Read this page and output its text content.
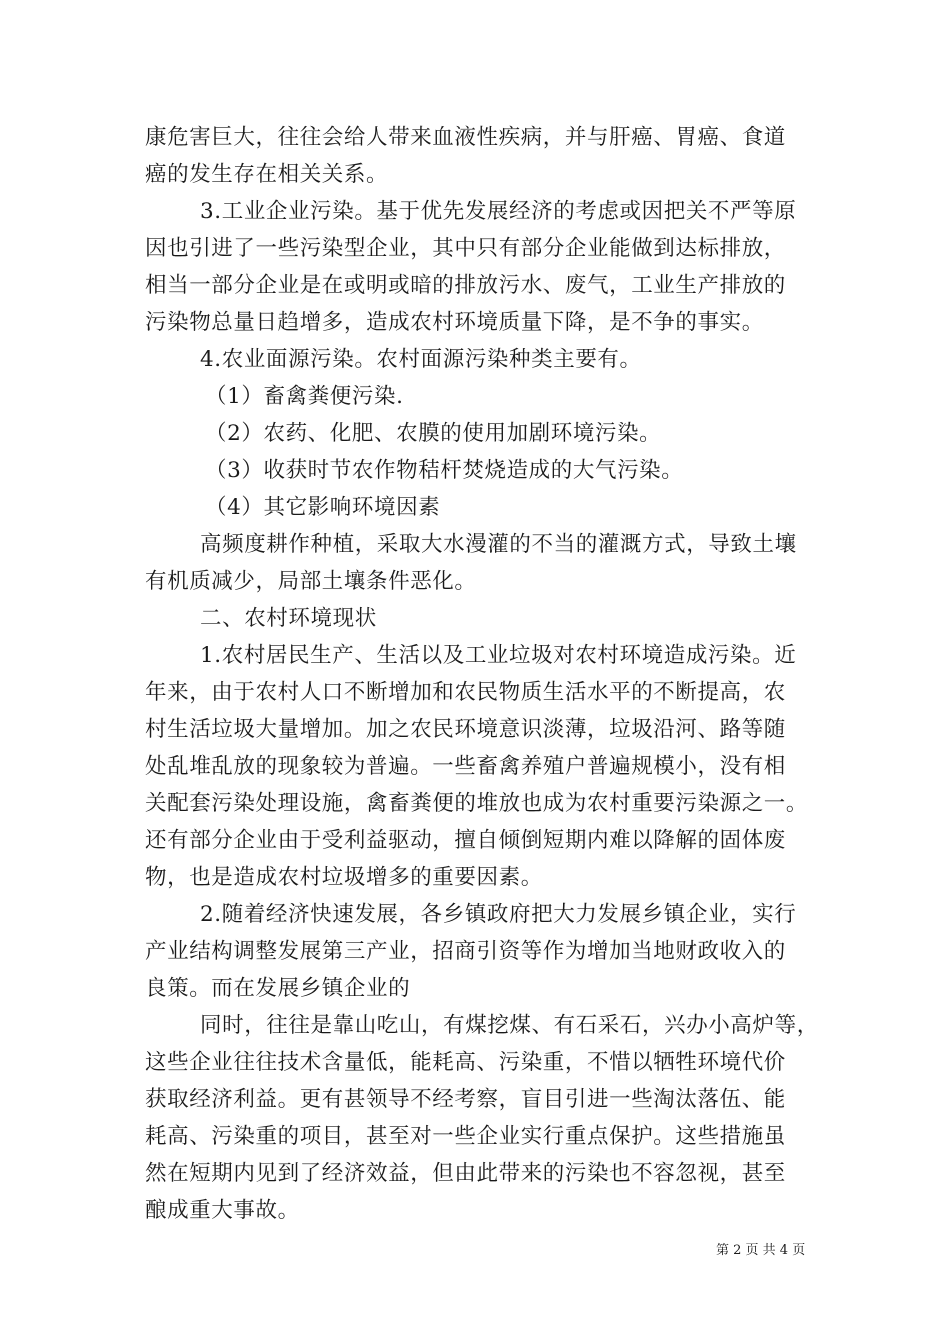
康危害巨大，往往会给人带来血液性疾病，并与肝癌、胃癌、食道
癌的发生存在相关关系。
3.工业企业污染。基于优先发展经济的考虑或因把关不严等原
因也引进了一些污染型企业，其中只有部分企业能做到达标排放，
相当一部分企业是在或明或暗的排放污水、废气，工业生产排放的
污染物总量日趋增多，造成农村环境质量下降，是不争的事实。
4.农业面源污染。农村面源污染种类主要有。
（1）畜禽粪便污染.
（2）农药、化肥、农膜的使用加剧环境污染。
（3）收获时节农作物秸杆焚烧造成的大气污染。
（4）其它影响环境因素
高频度耕作种植，采取大水漫灌的不当的灌溉方式，导致土壤
有机质减少，局部土壤条件恶化。
二、农村环境现状
1.农村居民生产、生活以及工业垃圾对农村环境造成污染。近
年来，由于农村人口不断增加和农民物质生活水平的不断提高，农
村生活垃圾大量增加。加之农民环境意识淡薄，垃圾沿河、路等随
处乱堆乱放的现象较为普遍。一些畜禽养殖户普遍规模小，没有相
关配套污染处理设施，禽畜粪便的堆放也成为农村重要污染源之一。
还有部分企业由于受利益驱动，擅自倾倒短期内难以降解的固体废
物，也是造成农村垃圾增多的重要因素。
2.随着经济快速发展，各乡镇政府把大力发展乡镇企业，实行
产业结构调整发展第三产业，招商引资等作为增加当地财政收入的
良策。而在发展乡镇企业的
同时，往往是靠山吃山，有煤挖煤、有石采石，兴办小高炉等，
这些企业往往技术含量低，能耗高、污染重，不惜以牺牲环境代价
获取经济利益。更有甚领导不经考察，盲目引进一些淘汰落伍、能
耗高、污染重的项目，甚至对一些企业实行重点保护。这些措施虽
然在短期内见到了经济效益，但由此带来的污染也不容忽视，甚至
酿成重大事故。
第 2 页 共 4 页
